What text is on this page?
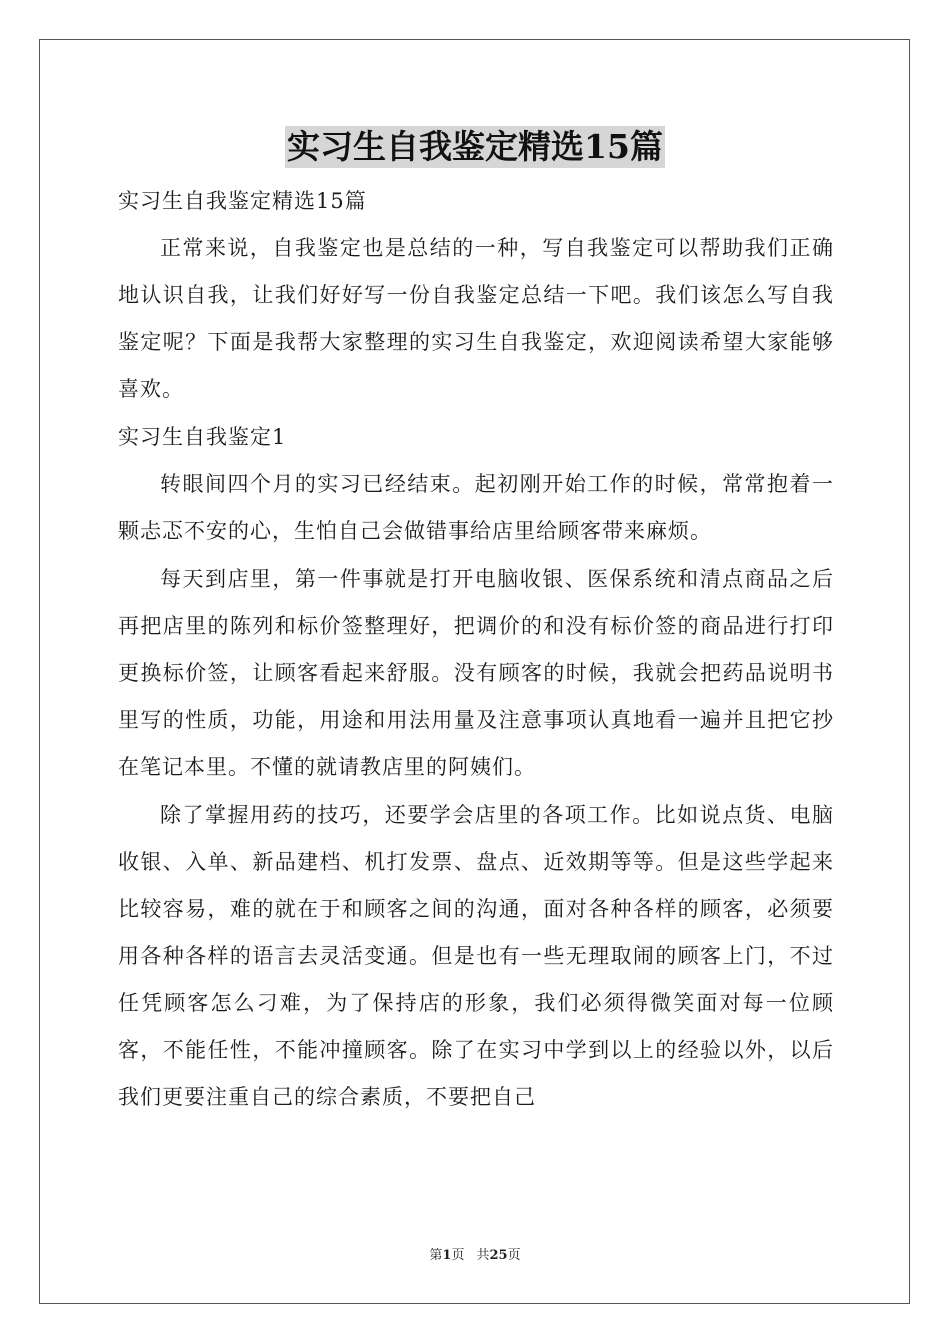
实习生自我鉴定精选15篇

实习生自我鉴定精选15篇

正常来说，自我鉴定也是总结的一种，写自我鉴定可以帮助我们正确地认识自我，让我们好好写一份自我鉴定总结一下吧。我们该怎么写自我鉴定呢？下面是我帮大家整理的实习生自我鉴定，欢迎阅读希望大家能够喜欢。

实习生自我鉴定1

转眼间四个月的实习已经结束。起初刚开始工作的时候，常常抱着一颗忐忑不安的心，生怕自己会做错事给店里给顾客带来麻烦。

每天到店里，第一件事就是打开电脑收银、医保系统和清点商品之后再把店里的陈列和标价签整理好，把调价的和没有标价签的商品进行打印更换标价签，让顾客看起来舒服。没有顾客的时候，我就会把药品说明书里写的性质，功能，用途和用法用量及注意事项认真地看一遍并且把它抄在笔记本里。不懂的就请教店里的阿姨们。

除了掌握用药的技巧，还要学会店里的各项工作。比如说点货、电脑收银、入单、新品建档、机打发票、盘点、近效期等等。但是这些学起来比较容易，难的就在于和顾客之间的沟通，面对各种各样的顾客，必须要用各种各样的语言去灵活变通。但是也有一些无理取闹的顾客上门，不过任凭顾客怎么刁难，为了保持店的形象，我们必须得微笑面对每一位顾客，不能任性，不能冲撞顾客。除了在实习中学到以上的经验以外，以后我们更要注重自己的综合素质，不要把自己

第1页 共25页
